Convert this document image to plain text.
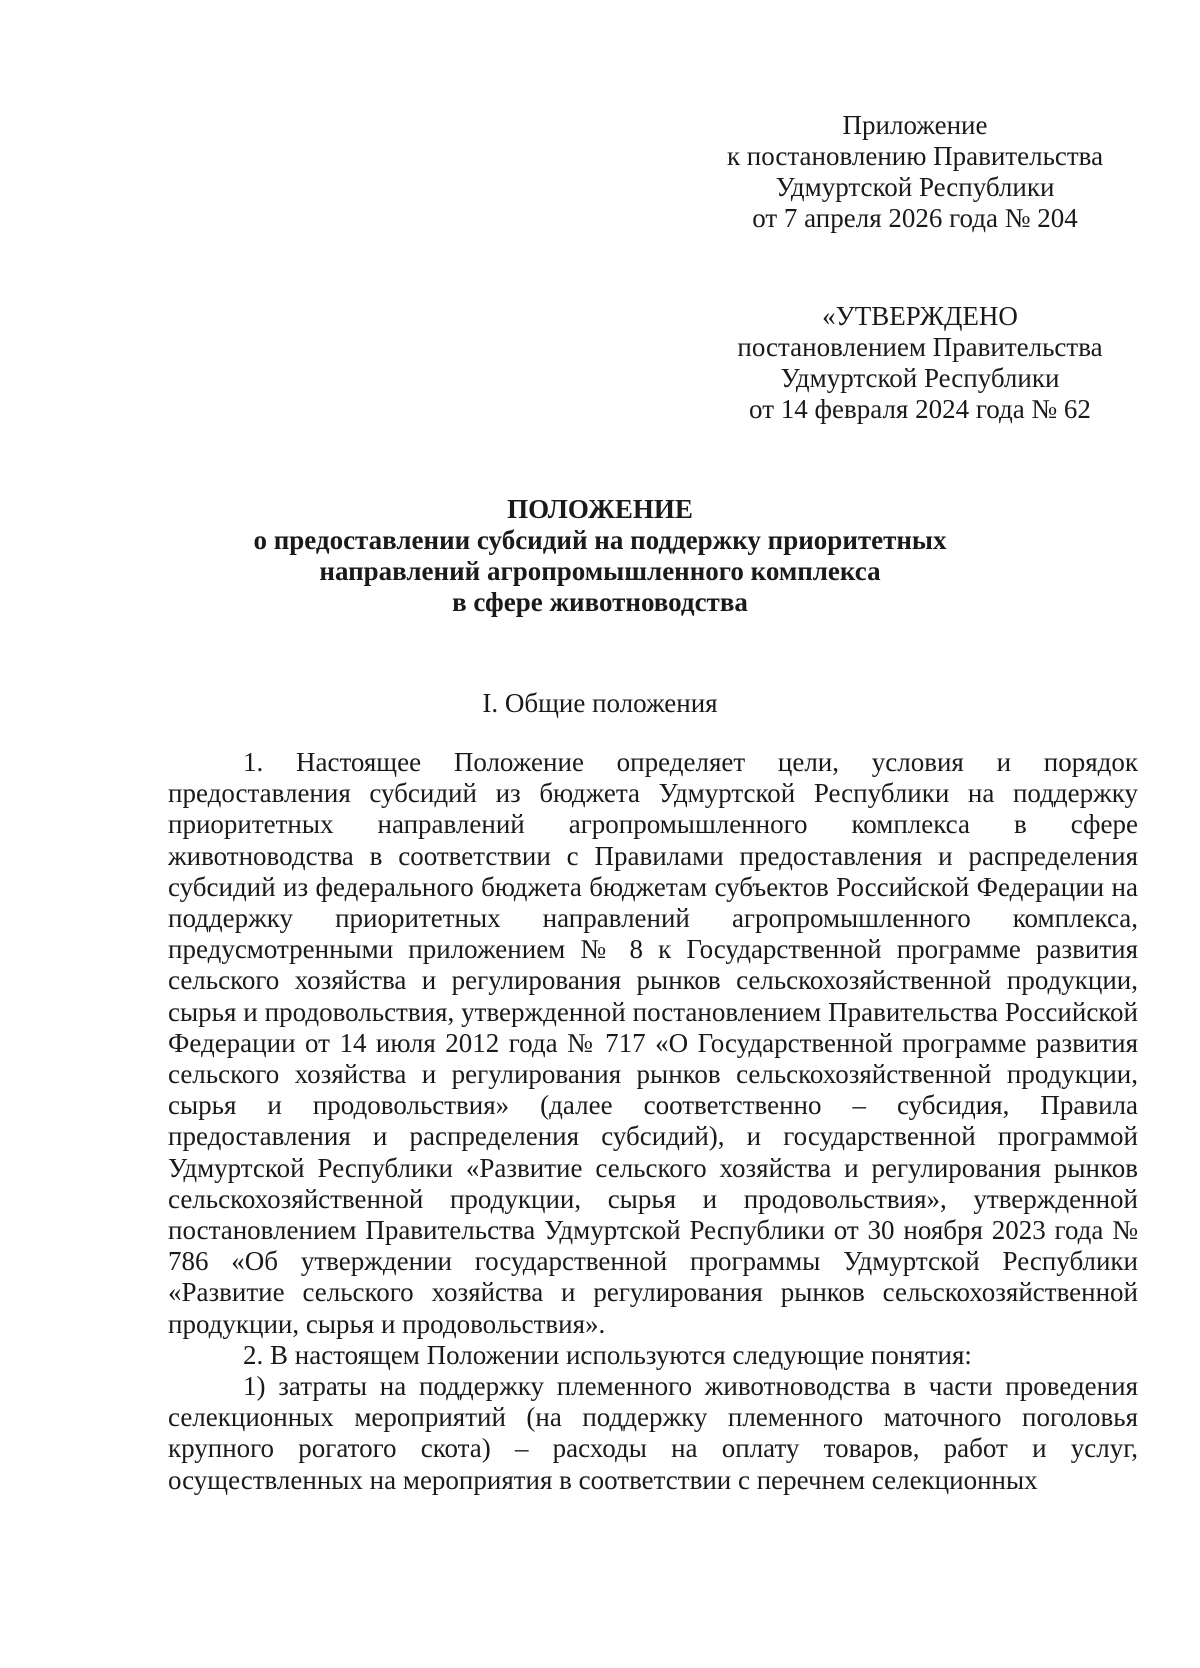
Приложение
к постановлению Правительства
Удмуртской Республики
от 7 апреля 2026 года № 204
«УТВЕРЖДЕНО
постановлением Правительства
Удмуртской Республики
от 14 февраля 2024 года № 62
ПОЛОЖЕНИЕ
о предоставлении субсидий на поддержку приоритетных
направлений агропромышленного комплекса
в сфере животноводства
I. Общие положения

1. Настоящее Положение определяет цели, условия и порядок предоставления субсидий из бюджета Удмуртской Республики на поддержку приоритетных направлений агропромышленного комплекса в сфере животноводства в соответствии с Правилами предоставления и распределения субсидий из федерального бюджета бюджетам субъектов Российской Федерации на поддержку приоритетных направлений агропромышленного комплекса, предусмотренными приложением № 8 к Государственной программе развития сельского хозяйства и регулирования рынков сельскохозяйственной продукции, сырья и продовольствия, утвержденной постановлением Правительства Российской Федерации от 14 июля 2012 года № 717 «О Государственной программе развития сельского хозяйства и регулирования рынков сельскохозяйственной продукции, сырья и продовольствия» (далее соответственно – субсидия, Правила предоставления и распределения субсидий), и государственной программой Удмуртской Республики «Развитие сельского хозяйства и регулирования рынков сельскохозяйственной продукции, сырья и продовольствия», утвержденной постановлением Правительства Удмуртской Республики от 30 ноября 2023 года № 786 «Об утверждении государственной программы Удмуртской Республики «Развитие сельского хозяйства и регулирования рынков сельскохозяйственной продукции, сырья и продовольствия».

2. В настоящем Положении используются следующие понятия:

1) затраты на поддержку племенного животноводства в части проведения селекционных мероприятий (на поддержку племенного маточного поголовья крупного рогатого скота) – расходы на оплату товаров, работ и услуг, осуществленных на мероприятия в соответствии с перечнем селекционных
